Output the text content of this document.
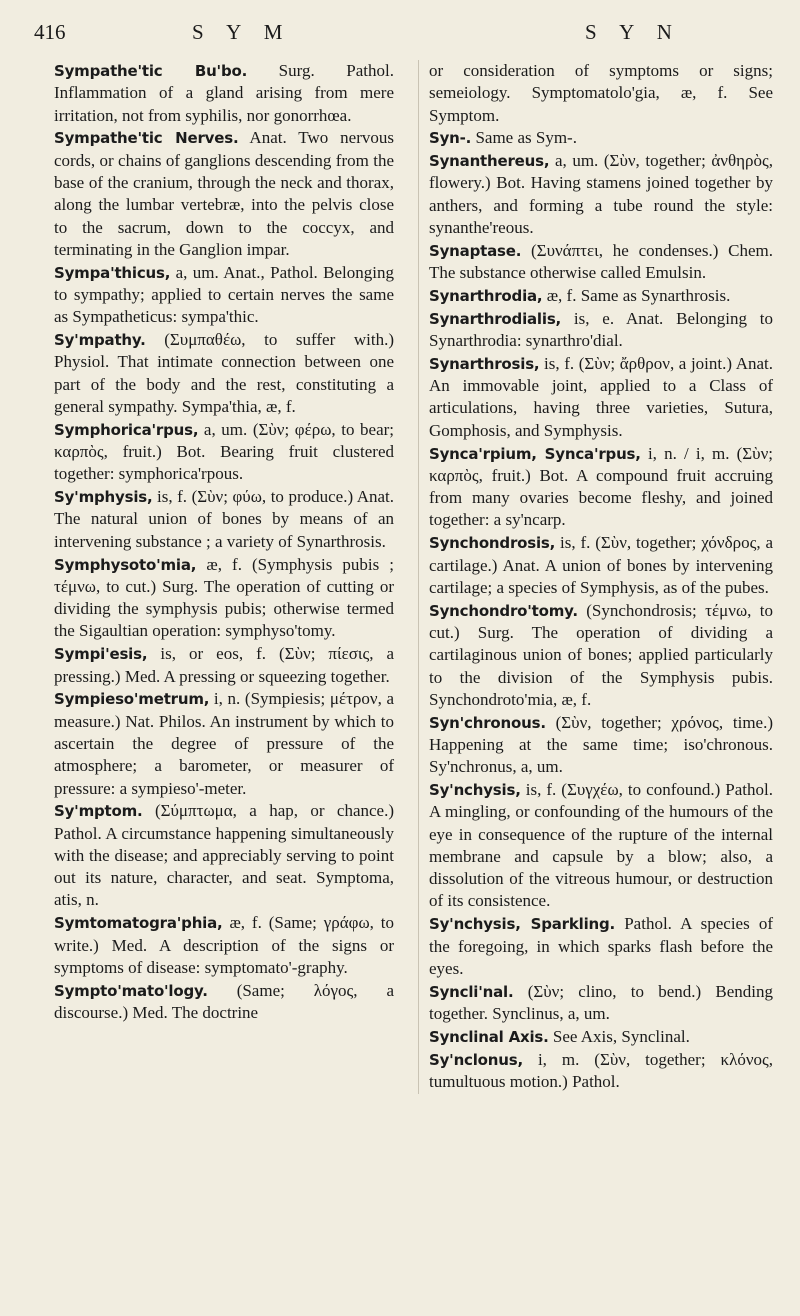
416	S Y M	S Y N

Sympathe'tic Bu'bo. Surg. Pathol. Inflammation of a gland arising from mere irritation, not from syphilis, nor gonorrhœa.

Sympathe'tic Nerves. Anat. Two nervous cords, or chains of ganglions descending from the base of the cranium, through the neck and thorax, along the lumbar vertebræ, into the pelvis close to the sacrum, down to the coccyx, and terminating in the Ganglion impar.

Sympa'thicus, a, um. Anat., Pathol. Belonging to sympathy; applied to certain nerves the same as Sympatheticus: sympa'thic.

Sy'mpathy. (Συμπαθέω, to suffer with.) Physiol. That intimate connection between one part of the body and the rest, constituting a general sympathy. Sympa'thia, æ, f.

Symphorica'rpus, a, um. (Σὺν; φέρω, to bear; καρπὸς, fruit.) Bot. Bearing fruit clustered together: symphorica'rpous.

Sy'mphysis, is, f. (Σὺν; φύω, to produce.) Anat. The natural union of bones by means of an intervening substance ; a variety of Synarthrosis.

Symphysoto'mia, æ, f. (Symphysis pubis ; τέμνω, to cut.) Surg. The operation of cutting or dividing the symphysis pubis; otherwise termed the Sigaultian operation: symphyso'tomy.

Sympi'esis, is, or eos, f. (Σὺν; πίεσις, a pressing.) Med. A pressing or squeezing together.

Sympieso'metrum, i, n. (Sympiesis; μέτρον, a measure.) Nat. Philos. An instrument by which to ascertain the degree of pressure of the atmosphere; a barometer, or measurer of pressure: a sympieso'-meter.

Sy'mptom. (Σύμπτωμα, a hap, or chance.) Pathol. A circumstance happening simultaneously with the disease; and appreciably serving to point out its nature, character, and seat. Symptoma, atis, n.

Symtomatogra'phia, æ, f. (Same; γράφω, to write.) Med. A description of the signs or symptoms of disease: symptomato'-graphy.

Sympto'mato'logy. (Same; λόγος, a discourse.) Med. The doctrine

or consideration of symptoms or signs; semeiology. Symptomatolo'gia, æ, f. See Symptom.

Syn-. Same as Sym-.

Synanthereus, a, um. (Σὺν, together; ἀνθηρὸς, flowery.) Bot. Having stamens joined together by anthers, and forming a tube round the style: synanthe'reous.

Synaptase. (Συνάπτει, he condenses.) Chem. The substance otherwise called Emulsin.

Synarthrodia, æ, f. Same as Synarthrosis.

Synarthrodialis, is, e. Anat. Belonging to Synarthrodia: synarthro'dial.

Synarthrosis, is, f. (Σὺν; ἄρθρον, a joint.) Anat. An immovable joint, applied to a Class of articulations, having three varieties, Sutura, Gomphosis, and Symphysis.

Synca'rpium, Synca'rpus, i, n. / i, m. (Σὺν; καρπὸς, fruit.) Bot. A compound fruit accruing from many ovaries become fleshy, and joined together: a sy'ncarp.

Synchondrosis, is, f. (Σὺν, together; χόνδρος, a cartilage.) Anat. A union of bones by intervening cartilage; a species of Symphysis, as of the pubes.

Synchondro'tomy. (Synchondrosis; τέμνω, to cut.) Surg. The operation of dividing a cartilaginous union of bones; applied particularly to the division of the Symphysis pubis. Synchondroto'mia, æ, f.

Syn'chronous. (Σὺν, together; χρόνος, time.) Happening at the same time; iso'chronous. Sy'nchronus, a, um.

Sy'nchysis, is, f. (Συγχέω, to confound.) Pathol. A mingling, or confounding of the humours of the eye in consequence of the rupture of the internal membrane and capsule by a blow; also, a dissolution of the vitreous humour, or destruction of its consistence.

Sy'nchysis, Sparkling. Pathol. A species of the foregoing, in which sparks flash before the eyes.

Syncli'nal. (Σὺν; clino, to bend.) Bending together. Synclinus, a, um.

Synclinal Axis. See Axis, Synclinal.

Sy'nclonus, i, m. (Σὺν, together; κλόνος, tumultuous motion.) Pathol.
